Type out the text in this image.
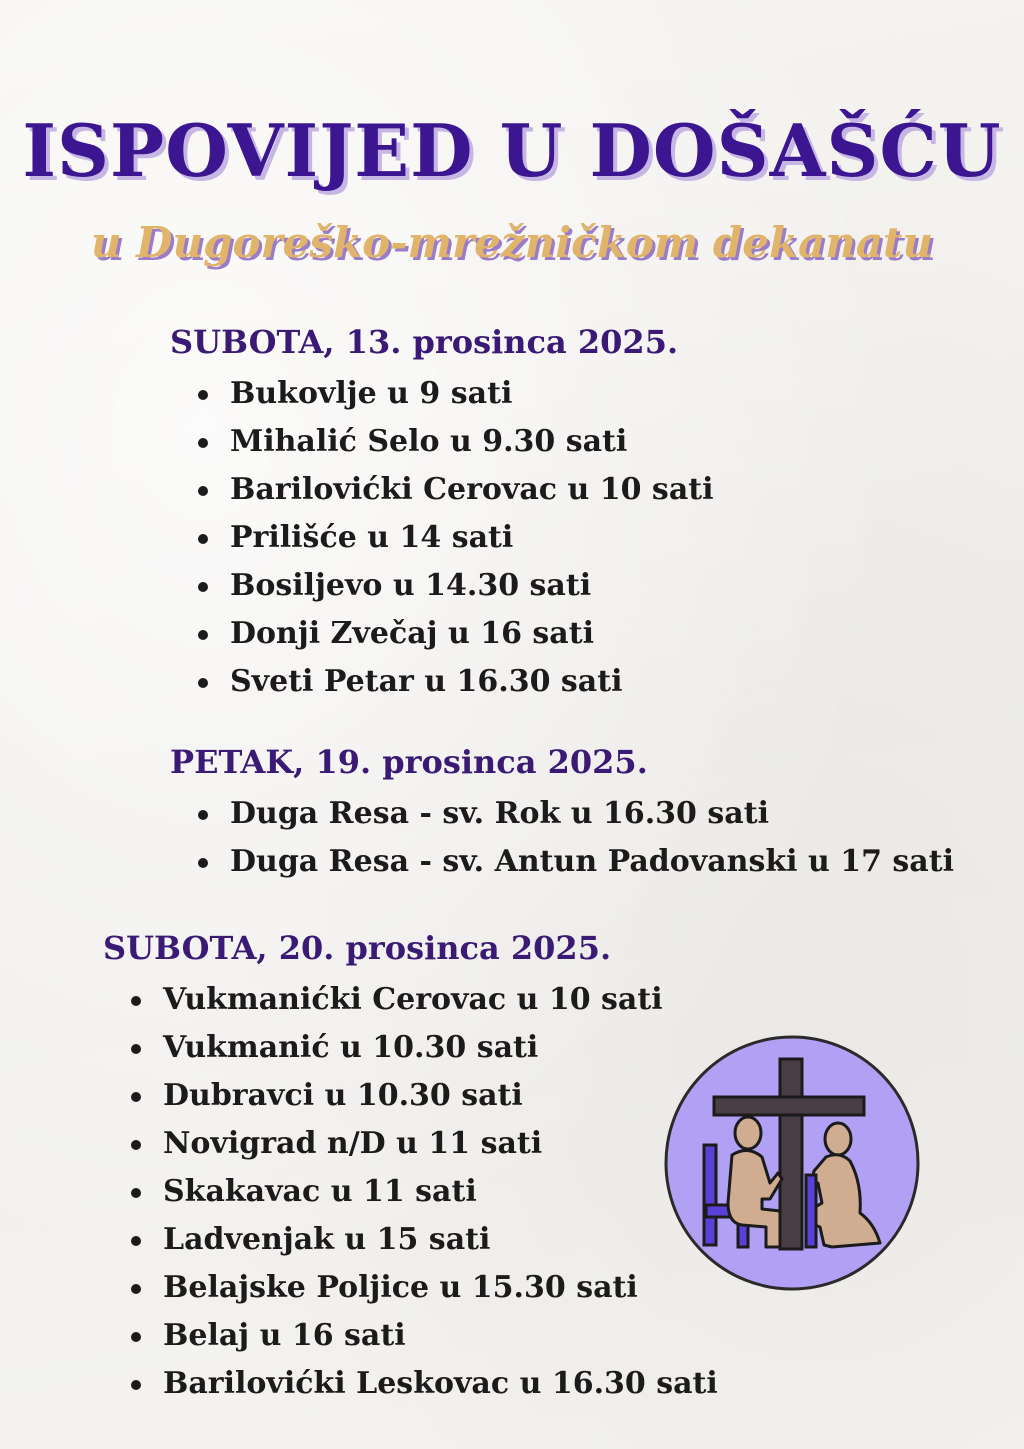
ISPOVIJED U DOŠAŠĆU
u Dugoreško-mrežničkom dekanatu
SUBOTA, 13. prosinca 2025.
Bukovlje u 9 sati
Mihalić Selo u 9.30 sati
Barilovićki Cerovac u 10 sati
Prilišće u 14 sati
Bosiljevo u 14.30 sati
Donji Zvečaj u 16 sati
Sveti Petar u 16.30 sati
PETAK, 19. prosinca 2025.
Duga Resa - sv. Rok u 16.30 sati
Duga Resa - sv. Antun Padovanski u 17 sati
SUBOTA, 20. prosinca 2025.
Vukmanićki Cerovac u 10 sati
Vukmanić u 10.30 sati
Dubravci u 10.30 sati
Novigrad n/D u 11 sati
Skakavac u 11 sati
Ladvenjak u 15 sati
Belajske Poljice u 15.30 sati
Belaj u 16 sati
Barilovićki Leskovac u 16.30 sati
